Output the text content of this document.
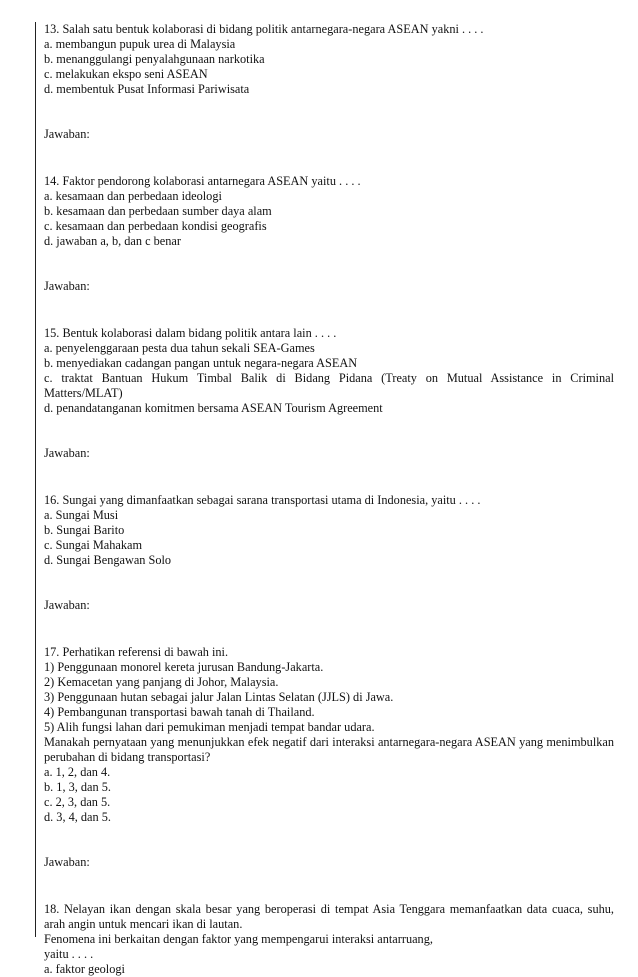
13. Salah satu bentuk kolaborasi di bidang politik antarnegara-negara ASEAN yakni . . . .
a. membangun pupuk urea di Malaysia
b. menanggulangi penyalahgunaan narkotika
c. melakukan ekspo seni ASEAN
d. membentuk Pusat Informasi Pariwisata
Jawaban:
14. Faktor pendorong kolaborasi antarnegara ASEAN yaitu . . . .
a. kesamaan dan perbedaan ideologi
b. kesamaan dan perbedaan sumber daya alam
c. kesamaan dan perbedaan kondisi geografis
d. jawaban a, b, dan c benar
Jawaban:
15. Bentuk kolaborasi dalam bidang politik antara lain . . . .
a. penyelenggaraan pesta dua tahun sekali SEA-Games
b. menyediakan cadangan pangan untuk negara-negara ASEAN
c. traktat Bantuan Hukum Timbal Balik di Bidang Pidana (Treaty on Mutual Assistance in Criminal Matters/MLAT)
d. penandatanganan komitmen bersama ASEAN Tourism Agreement
Jawaban:
16. Sungai yang dimanfaatkan sebagai sarana transportasi utama di Indonesia, yaitu . . . .
a. Sungai Musi
b. Sungai Barito
c. Sungai Mahakam
d. Sungai Bengawan Solo
Jawaban:
17. Perhatikan referensi di bawah ini.
1) Penggunaan monorel kereta jurusan Bandung-Jakarta.
2) Kemacetan yang panjang di Johor, Malaysia.
3) Penggunaan hutan sebagai jalur Jalan Lintas Selatan (JJLS) di Jawa.
4) Pembangunan transportasi bawah tanah di Thailand.
5) Alih fungsi lahan dari pemukiman menjadi tempat bandar udara.
Manakah pernyataan yang menunjukkan efek negatif dari interaksi antarnegara-negara ASEAN yang menimbulkan perubahan di bidang transportasi?
a. 1, 2, dan 4.
b. 1, 3, dan 5.
c. 2, 3, dan 5.
d. 3, 4, dan 5.
Jawaban:
18. Nelayan ikan dengan skala besar yang beroperasi di tempat Asia Tenggara memanfaatkan data cuaca, suhu, arah angin untuk mencari ikan di lautan.
Fenomena ini berkaitan dengan faktor yang mempengarui interaksi antarruang,
yaitu . . . .
a. faktor geologi
